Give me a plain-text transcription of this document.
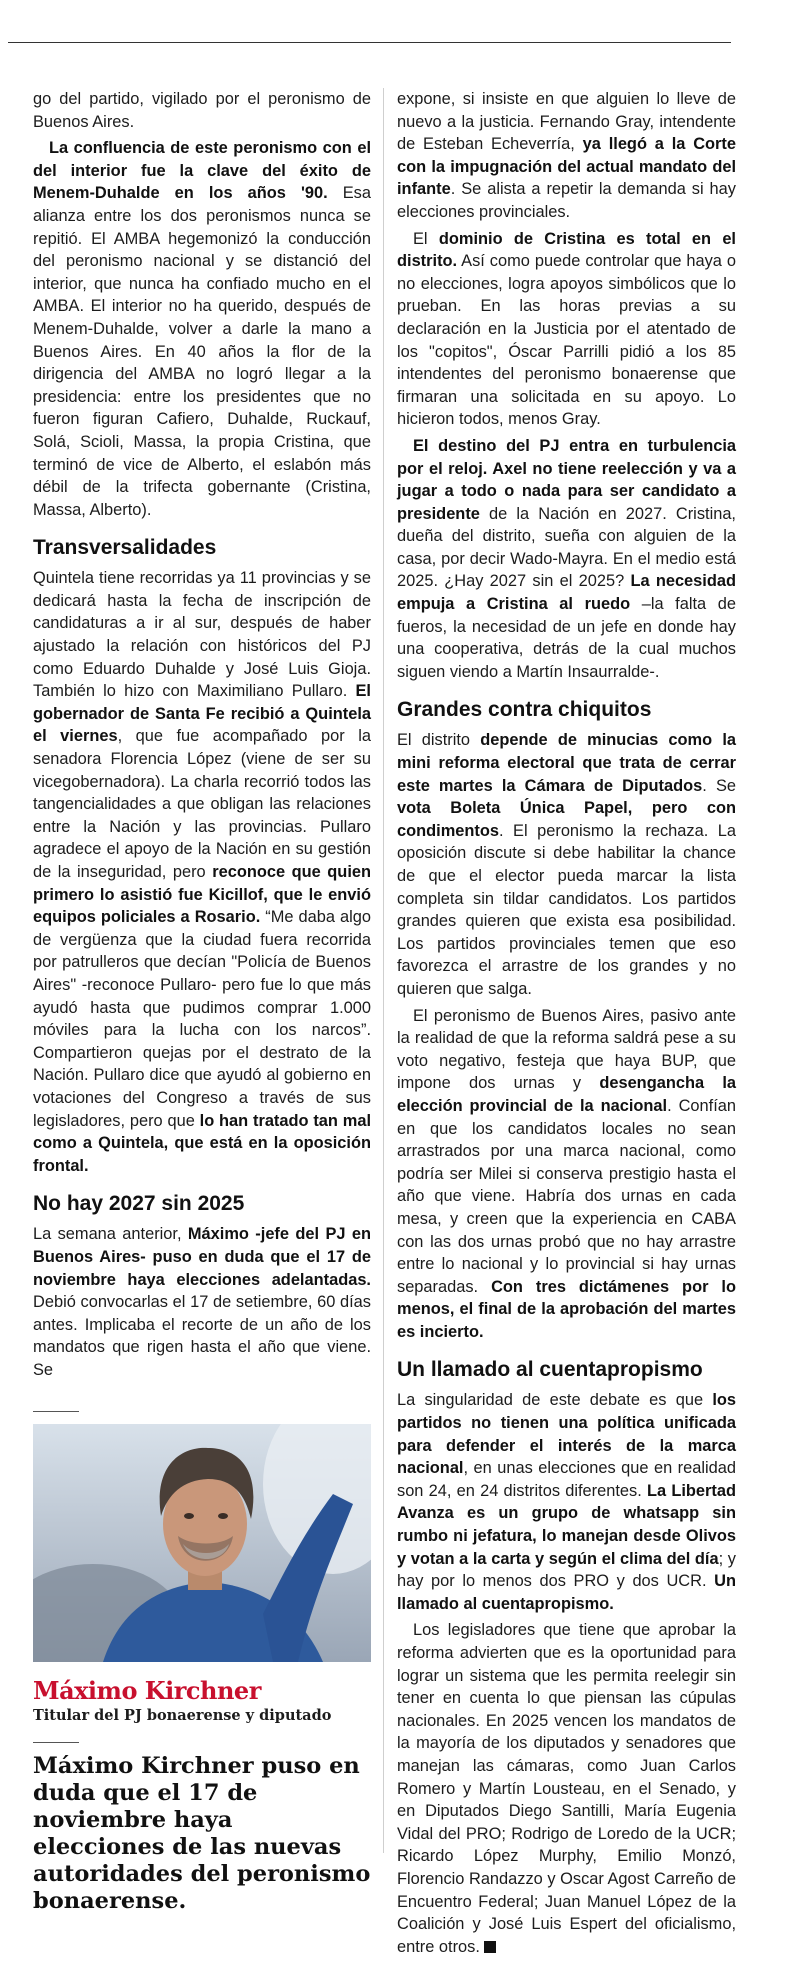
go del partido, vigilado por el peronismo de Buenos Aires.

La confluencia de este peronismo con el del interior fue la clave del éxito de Menem-Duhalde en los años '90. Esa alianza entre los dos peronismos nunca se repitió. El AMBA hegemonizó la conducción del peronismo nacional y se distanció del interior, que nunca ha confiado mucho en el AMBA. El interior no ha querido, después de Menem-Duhalde, volver a darle la mano a Buenos Aires. En 40 años la flor de la dirigencia del AMBA no logró llegar a la presidencia: entre los presidentes que no fueron figuran Cafiero, Duhalde, Ruckauf, Solá, Scioli, Massa, la propia Cristina, que terminó de vice de Alberto, el eslabón más débil de la trifecta gobernante (Cristina, Massa, Alberto).

Transversalidades

Quintela tiene recorridas ya 11 provincias y se dedicará hasta la fecha de inscripción de candidaturas a ir al sur, después de haber ajustado la relación con históricos del PJ como Eduardo Duhalde y José Luis Gioja. También lo hizo con Maximiliano Pullaro. El gobernador de Santa Fe recibió a Quintela el viernes, que fue acompañado por la senadora Florencia López (viene de ser su vicegobernadora). La charla recorrió todos las tangencialidades a que obligan las relaciones entre la Nación y las provincias. Pullaro agradece el apoyo de la Nación en su gestión de la inseguridad, pero reconoce que quien primero lo asistió fue Kicillof, que le envió equipos policiales a Rosario. “Me daba algo de vergüenza que la ciudad fuera recorrida por patrulleros que decían "Policía de Buenos Aires" -reconoce Pullaro- pero fue lo que más ayudó hasta que pudimos comprar 1.000 móviles para la lucha con los narcos”. Compartieron quejas por el destrato de la Nación. Pullaro dice que ayudó al gobierno en votaciones del Congreso a través de sus legisladores, pero que lo han tratado tan mal como a Quintela, que está en la oposición frontal.

No hay 2027 sin 2025

La semana anterior, Máximo -jefe del PJ en Buenos Aires- puso en duda que el 17 de noviembre haya elecciones adelantadas. Debió convocarlas el 17 de setiembre, 60 días antes. Implicaba el recorte de un año de los mandatos que rigen hasta el año que viene. Se

Máximo Kirchner
Titular del PJ bonaerense y diputado

Máximo Kirchner puso en duda que el 17 de noviembre haya elecciones de las nuevas autoridades del peronismo bonaerense.

expone, si insiste en que alguien lo lleve de nuevo a la justicia. Fernando Gray, intendente de Esteban Echeverría, ya llegó a la Corte con la impugnación del actual mandato del infante. Se alista a repetir la demanda si hay elecciones provinciales.

El dominio de Cristina es total en el distrito. Así como puede controlar que haya o no elecciones, logra apoyos simbólicos que lo prueban. En las horas previas a su declaración en la Justicia por el atentado de los "copitos", Óscar Parrilli pidió a los 85 intendentes del peronismo bonaerense que firmaran una solicitada en su apoyo. Lo hicieron todos, menos Gray.

El destino del PJ entra en turbulencia por el reloj. Axel no tiene reelección y va a jugar a todo o nada para ser candidato a presidente de la Nación en 2027. Cristina, dueña del distrito, sueña con alguien de la casa, por decir Wado-Mayra. En el medio está 2025. ¿Hay 2027 sin el 2025? La necesidad empuja a Cristina al ruedo –la falta de fueros, la necesidad de un jefe en donde hay una cooperativa, detrás de la cual muchos siguen viendo a Martín Insaurralde-.

Grandes contra chiquitos

El distrito depende de minucias como la mini reforma electoral que trata de cerrar este martes la Cámara de Diputados. Se vota Boleta Única Papel, pero con condimentos. El peronismo la rechaza. La oposición discute si debe habilitar la chance de que el elector pueda marcar la lista completa sin tildar candidatos. Los partidos grandes quieren que exista esa posibilidad. Los partidos provinciales temen que eso favorezca el arrastre de los grandes y no quieren que salga.

El peronismo de Buenos Aires, pasivo ante la realidad de que la reforma saldrá pese a su voto negativo, festeja que haya BUP, que impone dos urnas y desengancha la elección provincial de la nacional. Confían en que los candidatos locales no sean arrastrados por una marca nacional, como podría ser Milei si conserva prestigio hasta el año que viene. Habría dos urnas en cada mesa, y creen que la experiencia en CABA con las dos urnas probó que no hay arrastre entre lo nacional y lo provincial si hay urnas separadas. Con tres dictámenes por lo menos, el final de la aprobación del martes es incierto.

Un llamado al cuentapropismo

La singularidad de este debate es que los partidos no tienen una política unificada para defender el interés de la marca nacional, en unas elecciones que en realidad son 24, en 24 distritos diferentes. La Libertad Avanza es un grupo de whatsapp sin rumbo ni jefatura, lo manejan desde Olivos y votan a la carta y según el clima del día; y hay por lo menos dos PRO y dos UCR. Un llamado al cuentapropismo.

Los legisladores que tiene que aprobar la reforma advierten que es la oportunidad para lograr un sistema que les permita reelegir sin tener en cuenta lo que piensan las cúpulas nacionales. En 2025 vencen los mandatos de la mayoría de los diputados y senadores que manejan las cámaras, como Juan Carlos Romero y Martín Lousteau, en el Senado, y en Diputados Diego Santilli, María Eugenia Vidal del PRO; Rodrigo de Loredo de la UCR; Ricardo López Murphy, Emilio Monzó, Florencio Randazzo y Oscar Agost Carreño de Encuentro Federal; Juan Manuel López de la Coalición y José Luis Espert del oficialismo, entre otros.
